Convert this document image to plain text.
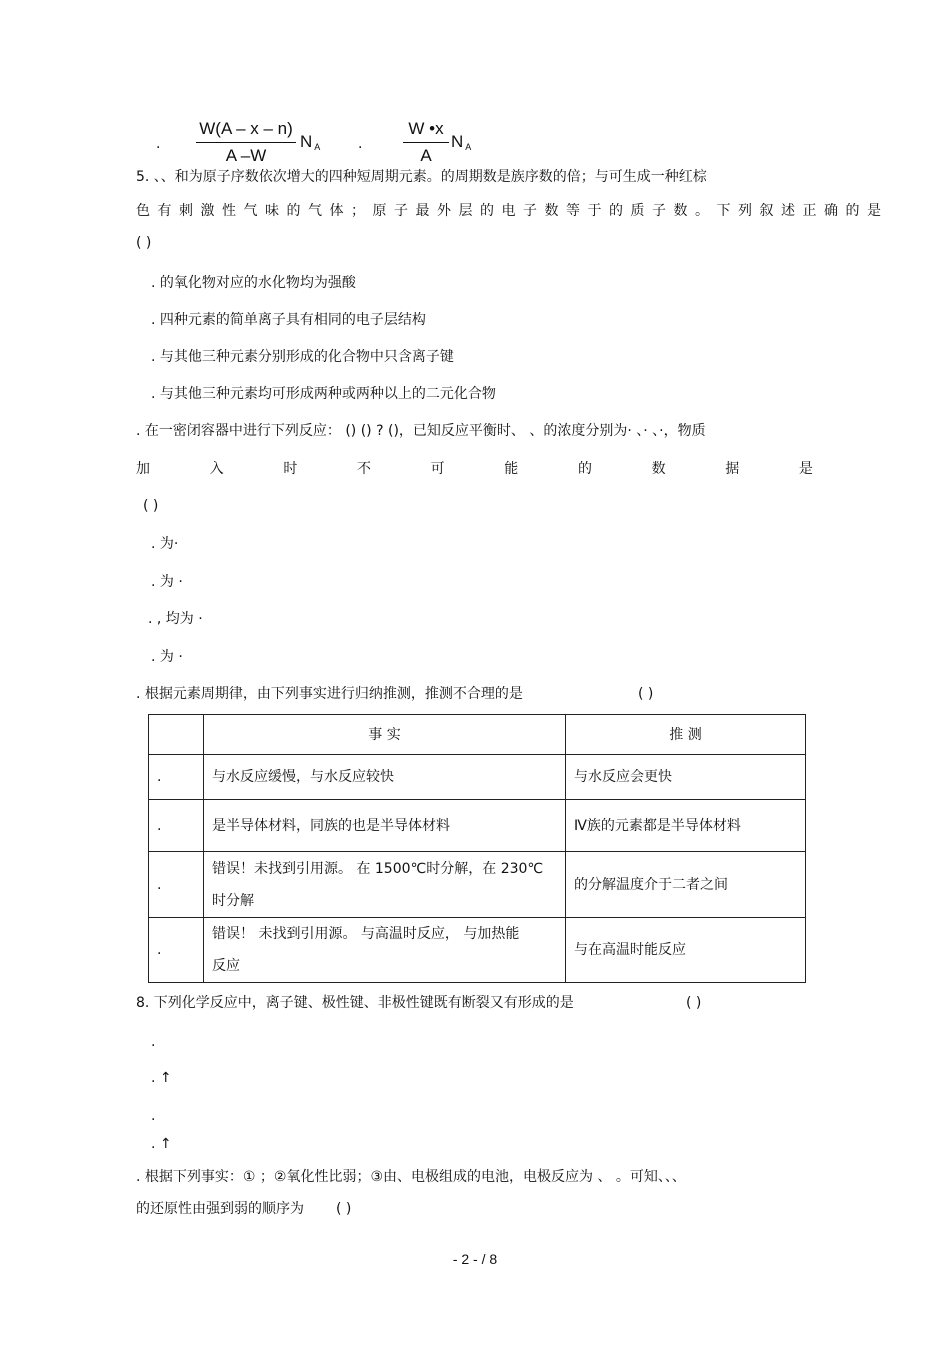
.
W(A – x – n)
A –W
N $_A$	.
W •x
A
N $_A$
5. 、、和为原子序数依次增大的四种短周期元素。的周期数是族序数的倍；与可生成一种红棕
色有刺激性气味的气体；原子最外层的电子数等于的质子数。下列叙述正确的是
( )
. 的氧化物对应的水化物均为强酸
. 四种元素的简单离子具有相同的电子层结构
. 与其他三种元素分别形成的化合物中只含离子键
. 与其他三种元素均可形成两种或两种以上的二元化合物
. 在一密闭容器中进行下列反应： () () ? ()，已知反应平衡时、 、的浓度分别为· 、· 、·，物质
加	入	时	不	可	能	的	数	据	是
( )
. 为·
. 为 ·
. , 均为 ·
. 为 ·
. 根据元素周期律，由下列事实进行归纳推测，推测不合理的是	( )
	事 实	推 测
.	与水反应缓慢，与水反应较快	与水反应会更快
.	是半导体材料，同族的也是半导体材料	Ⅳ族的元素都是半导体材料
.	错误！未找到引用源。 在 1500℃时分解，在 230℃
时分解	的分解温度介于二者之间
.	错误！ 未找到引用源。 与高温时反应， 与加热能
反应	与在高温时能反应
8. 下列化学反应中，离子键、极性键、非极性键既有断裂又有形成的是	( )
.
. ↑
.
. ↑
. 根据下列事实：① ；②氧化性比弱；③由、电极组成的电池，电极反应为 、 。可知、、、
的还原性由强到弱的顺序为 ( )
- 2 - / 8
